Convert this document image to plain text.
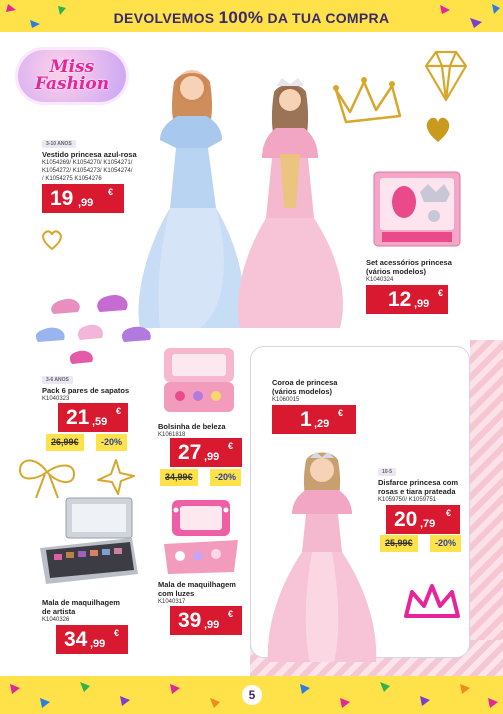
DEVOLVEMOS 100% DA TUA COMPRA
Miss
Fashion
3-10 ANOS
Vestido princesa azul-rosa
K1054269/ K1054270/ K1054271/
K1054272/ K1054273/ K1054274/
/ K1054275 K1054276
19 ,99
€
Set acessórios princesa
(vários modelos)
K1040324
12 ,99
€
3-6 ANOS
Pack 6 pares de sapatos
K1040323
21 ,59
€
26,99€	-20%
Bolsinha de beleza
K1061818
27 ,99
€
34,99€	-20%
Coroa de princesa
(vários modelos)
K1060015
1 ,29
€
10-5
Disfarce princesa com
rosas e tiara prateada
K1059750/ K1059751
20 ,79
€
25,99€	-20%
Mala de maquilhagem
de artista
K1040326
34 ,99
€
Mala de maquilhagem
com luzes
K1040317
39 ,99
€
5
